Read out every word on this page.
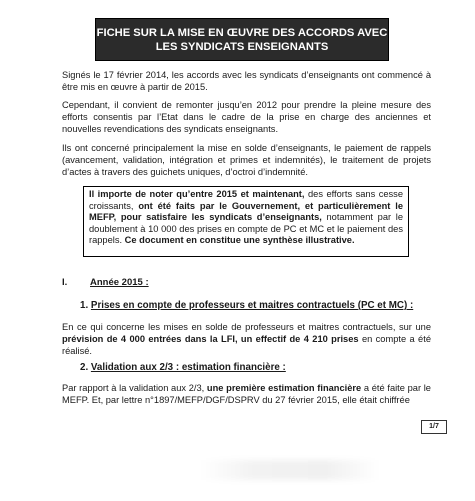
FICHE SUR LA MISE EN ŒUVRE DES ACCORDS AVEC
LES SYNDICATS ENSEIGNANTS
Signés le 17 février 2014, les accords avec les syndicats d’enseignants ont commencé à être mis en œuvre à partir de 2015.
Cependant, il convient de remonter jusqu’en 2012 pour prendre la pleine mesure des efforts consentis par l’Etat dans le cadre de la prise en charge des anciennes et nouvelles revendications des syndicats enseignants.
Ils ont concerné principalement la mise en solde d’enseignants, le paiement de rappels (avancement, validation, intégration et primes et indemnités), le traitement de projets d’actes à travers des guichets uniques, d’octroi d’indemnité.
Il importe de noter qu’entre 2015 et maintenant, des efforts sans cesse croissants, ont été faits par le Gouvernement, et particulièrement le MEFP, pour satisfaire les syndicats d’enseignants, notamment par le doublement à 10 000 des prises en compte de PC et MC et le paiement des rappels. Ce document en constitue une synthèse illustrative.
I. Année 2015 :
1. Prises en compte de professeurs et maitres contractuels (PC et MC) :
En ce qui concerne les mises en solde de professeurs et maitres contractuels, sur une prévision de 4 000 entrées dans la LFI, un effectif de 4 210 prises en compte a été réalisé.
2. Validation aux 2/3 : estimation financière :
Par rapport à la validation aux 2/3, une première estimation financière a été faite par le MEFP. Et, par lettre n°1897/MEFP/DGF/DSPRV du 27 février 2015, elle était chiffrée
1/7
